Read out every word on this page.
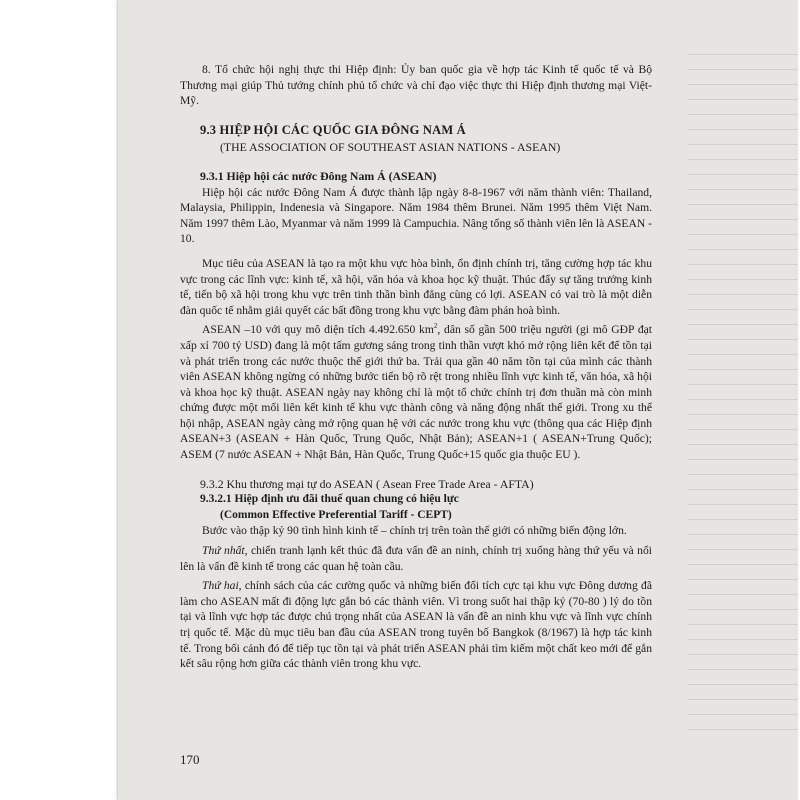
8. Tổ chức hội nghị thực thi Hiệp định: Ủy ban quốc gia về hợp tác Kinh tế quốc tế và Bộ Thương mại giúp Thủ tướng chính phủ tổ chức và chỉ đạo việc thực thi Hiệp định thương mại Việt-Mỹ.

9.3 HIỆP HỘI CÁC QUỐC GIA ĐÔNG NAM Á

(THE ASSOCIATION OF SOUTHEAST ASIAN NATIONS - ASEAN)

9.3.1 Hiệp hội các nước Đông Nam Á (ASEAN)

Hiệp hội các nước Đông Nam Á được thành lập ngày 8-8-1967 với năm thành viên: Thailand, Malaysia, Philippin, Indenesia và Singapore. Năm 1984 thêm Brunei. Năm 1995 thêm Việt Nam. Năm 1997 thêm Lào, Myanmar và năm 1999 là Campuchia. Nâng tổng số thành viên lên là ASEAN - 10.

Mục tiêu của ASEAN là tạo ra một khu vực hòa bình, ổn định chính trị, tăng cường hợp tác khu vực trong các lĩnh vực: kinh tế, xã hội, văn hóa và khoa học kỹ thuật. Thúc đẩy sự tăng trưởng kinh tế, tiến bộ xã hội trong khu vực trên tinh thần bình đẳng cùng có lợi. ASEAN có vai trò là một diễn đàn quốc tế nhằm giải quyết các bất đồng trong khu vực bằng đàm phán hoà bình.

ASEAN –10 với quy mô diện tích 4.492.650 $km^2$, dân số gần 500 triệu người (gi mô GĐP đạt xấp xỉ 700 tỷ USD) đang là một tấm gương sáng trong tinh thần vượt khó mở rộng liên kết để tồn tại và phát triển trong các nước thuộc thế giới thứ ba. Trải qua gần 40 năm tồn tại của mình các thành viên ASEAN không ngừng có những bước tiến bộ rõ rệt trong nhiều lĩnh vực kinh tế, văn hóa, xã hội và khoa học kỹ thuật. ASEAN ngày nay không chỉ là một tổ chức chính trị đơn thuần mà còn minh chứng được một mối liên kết kinh tế khu vực thành công và năng động nhất thế giới. Trong xu thế hội nhập, ASEAN ngày càng mở rộng quan hệ với các nước trong khu vực (thông qua các Hiệp định ASEAN+3 (ASEAN + Hàn Quốc, Trung Quốc, Nhật Bản); ASEAN+1 ( ASEAN+Trung Quốc); ASEM (7 nước ASEAN + Nhật Bản, Hàn Quốc, Trung Quốc+15 quốc gia thuộc EU ).

9.3.2 Khu thương mại tự do ASEAN ( Asean Free Trade Area - AFTA)

9.3.2.1 Hiệp định ưu đãi thuế quan chung có hiệu lực

(Common Effective Preferential Tariff - CEPT)

Bước vào thập kỷ 90 tình hình kinh tế – chính trị trên toàn thế giới có những biến động lớn.

Thứ nhất, chiến tranh lạnh kết thúc đã đưa vấn đề an ninh, chính trị xuống hàng thứ yếu và nổi lên là vấn đề kinh tế trong các quan hệ toàn cầu.

Thứ hai, chính sách của các cường quốc và những biến đổi tích cực tại khu vực Đông dương đã làm cho ASEAN mất đi động lực gắn bó các thành viên. Vì trong suốt hai thập kỷ (70-80 ) lý do tồn tại và lĩnh vực hợp tác được chú trọng nhất của ASEAN là vấn đề an ninh khu vực và lĩnh vực chính trị quốc tế. Mặc dù mục tiêu ban đầu của ASEAN trong tuyên bố Bangkok (8/1967) là hợp tác kinh tế. Trong bối cảnh đó để tiếp tục tồn tại và phát triển ASEAN phải tìm kiếm một chất keo mới để gắn kết sâu rộng hơn giữa các thành viên trong khu vực.

170
